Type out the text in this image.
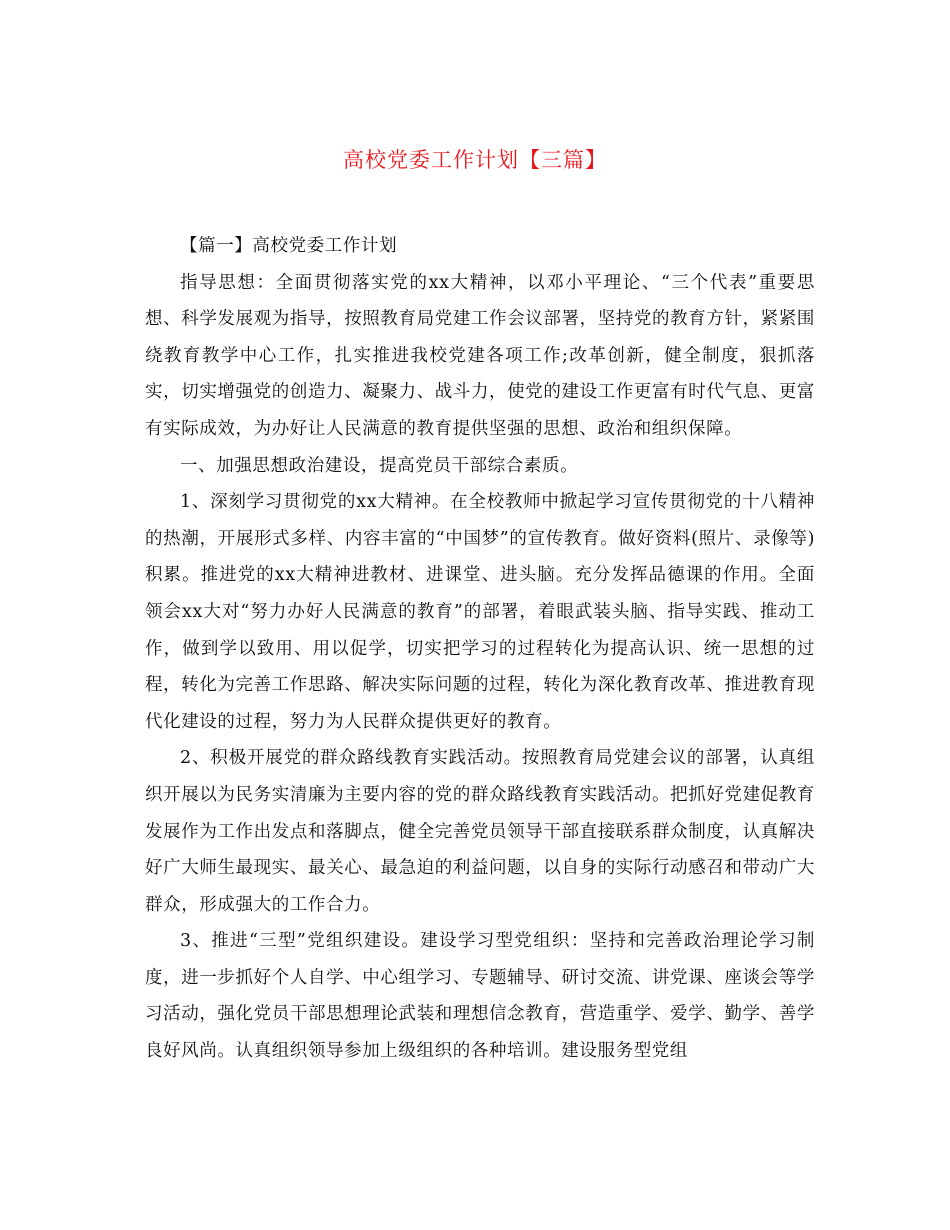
高校党委工作计划【三篇】

【篇一】高校党委工作计划

指导思想：全面贯彻落实党的xx大精神，以邓小平理论、“三个代表”重要思想、科学发展观为指导，按照教育局党建工作会议部署，坚持党的教育方针，紧紧围绕教育教学中心工作，扎实推进我校党建各项工作;改革创新，健全制度，狠抓落实，切实增强党的创造力、凝聚力、战斗力，使党的建设工作更富有时代气息、更富有实际成效，为办好让人民满意的教育提供坚强的思想、政治和组织保障。

一、加强思想政治建设，提高党员干部综合素质。

1、深刻学习贯彻党的xx大精神。在全校教师中掀起学习宣传贯彻党的十八精神的热潮，开展形式多样、内容丰富的“中国梦”的宣传教育。做好资料(照片、录像等)积累。推进党的xx大精神进教材、进课堂、进头脑。充分发挥品德课的作用。全面领会xx大对“努力办好人民满意的教育”的部署，着眼武装头脑、指导实践、推动工作，做到学以致用、用以促学，切实把学习的过程转化为提高认识、统一思想的过程，转化为完善工作思路、解决实际问题的过程，转化为深化教育改革、推进教育现代化建设的过程，努力为人民群众提供更好的教育。

2、积极开展党的群众路线教育实践活动。按照教育局党建会议的部署，认真组织开展以为民务实清廉为主要内容的党的群众路线教育实践活动。把抓好党建促教育发展作为工作出发点和落脚点，健全完善党员领导干部直接联系群众制度，认真解决好广大师生最现实、最关心、最急迫的利益问题，以自身的实际行动感召和带动广大群众，形成强大的工作合力。

3、推进“三型”党组织建设。建设学习型党组织：坚持和完善政治理论学习制度，进一步抓好个人自学、中心组学习、专题辅导、研讨交流、讲党课、座谈会等学习活动，强化党员干部思想理论武装和理想信念教育，营造重学、爱学、勤学、善学良好风尚。认真组织领导参加上级组织的各种培训。建设服务型党组
